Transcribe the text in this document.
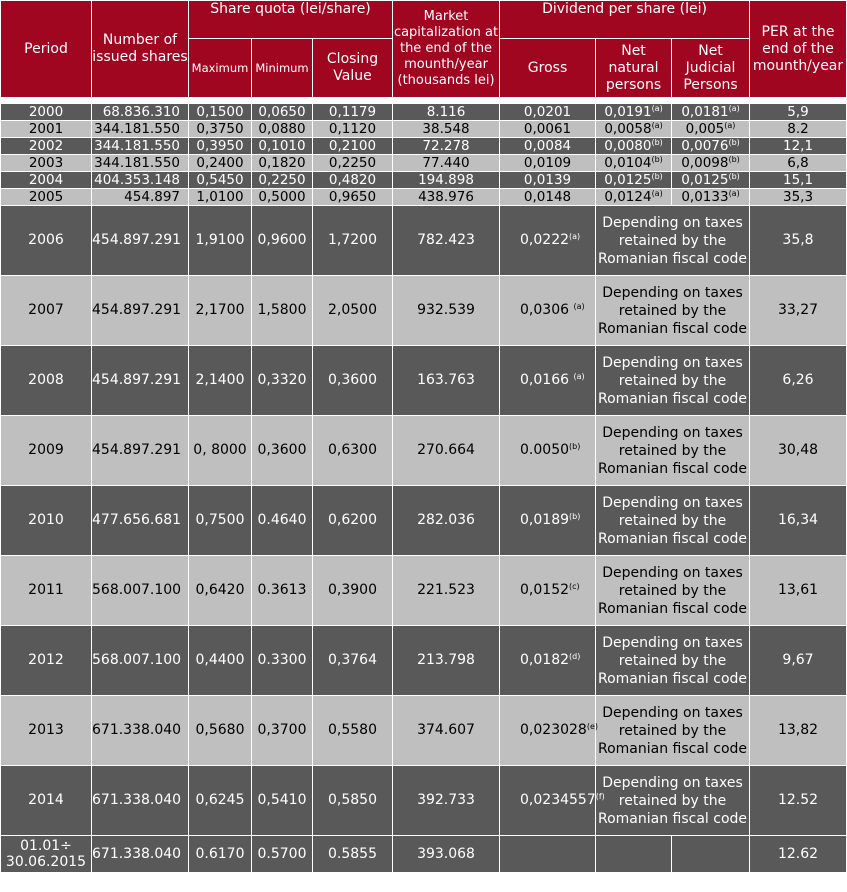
Period	Number of issued shares	Share quota (lei/share)			Market capitalization at the end of the mounth/year (thousands lei)	Dividend per share (lei)			PER at the end of the mounth/year
		Maximum	Minimum	Closing Value		Gross	Net natural persons	Net Judicial Persons	

2000	68.836.310	0,1500	0,0650	0,1179	8.116	0,0201	0,0191$^{(a)}$	0,0181$^{(a)}$	5,9
2001	344.181.550	0,3750	0,0880	0,1120	38.548	0,0061	0,0058$^{(a)}$	0,005$^{(a)}$	8.2
2002	344.181.550	0,3950	0,1010	0,2100	72.278	0,0084	0,0080$^{(b)}$	0,0076$^{(b)}$	12,1
2003	344.181.550	0,2400	0,1820	0,2250	77.440	0,0109	0,0104$^{(b)}$	0,0098$^{(b)}$	6,8
2004	404.353.148	0,5450	0,2250	0,4820	194.898	0,0139	0,0125$^{(b)}$	0,0125$^{(b)}$	15,1
2005	454.897	1,0100	0,5000	0,9650	438.976	0,0148	0,0124$^{(a)}$	0,0133$^{(a)}$	35,3
2006	454.897.291	1,9100	0,9600	1,7200	782.423	0,0222$^{(a)}$	Depending on taxes retained by the Romanian fiscal code		35,8
2007	454.897.291	2,1700	1,5800	2,0500	932.539	0,0306 $^{(a)}$	Depending on taxes retained by the Romanian fiscal code		33,27
2008	454.897.291	2,1400	0,3320	0,3600	163.763	0,0166 $^{(a)}$	Depending on taxes retained by the Romanian fiscal code		6,26
2009	454.897.291	0, 8000	0,3600	0,6300	270.664	0.0050$^{(b)}$	Depending on taxes retained by the Romanian fiscal code		30,48
2010	477.656.681	0,7500	0.4640	0,6200	282.036	0,0189$^{(b)}$	Depending on taxes retained by the Romanian fiscal code		16,34
2011	568.007.100	0,6420	0.3613	0,3900	221.523	0,0152$^{(c)}$	Depending on taxes retained by the Romanian fiscal code		13,61
2012	568.007.100	0,4400	0.3300	0,3764	213.798	0,0182$^{(d)}$	Depending on taxes retained by the Romanian fiscal code		9,67
2013	671.338.040	0,5680	0,3700	0,5580	374.607	0,023028$^{(e)}$	Depending on taxes retained by the Romanian fiscal code		13,82
2014	671.338.040	0,6245	0,5410	0,5850	392.733	0,0234557$^{(f)}$	Depending on taxes retained by the Romanian fiscal code		12.52
01.01÷
30.06.2015	671.338.040	0.6170	0.5700	0.5855	393.068				12.62
